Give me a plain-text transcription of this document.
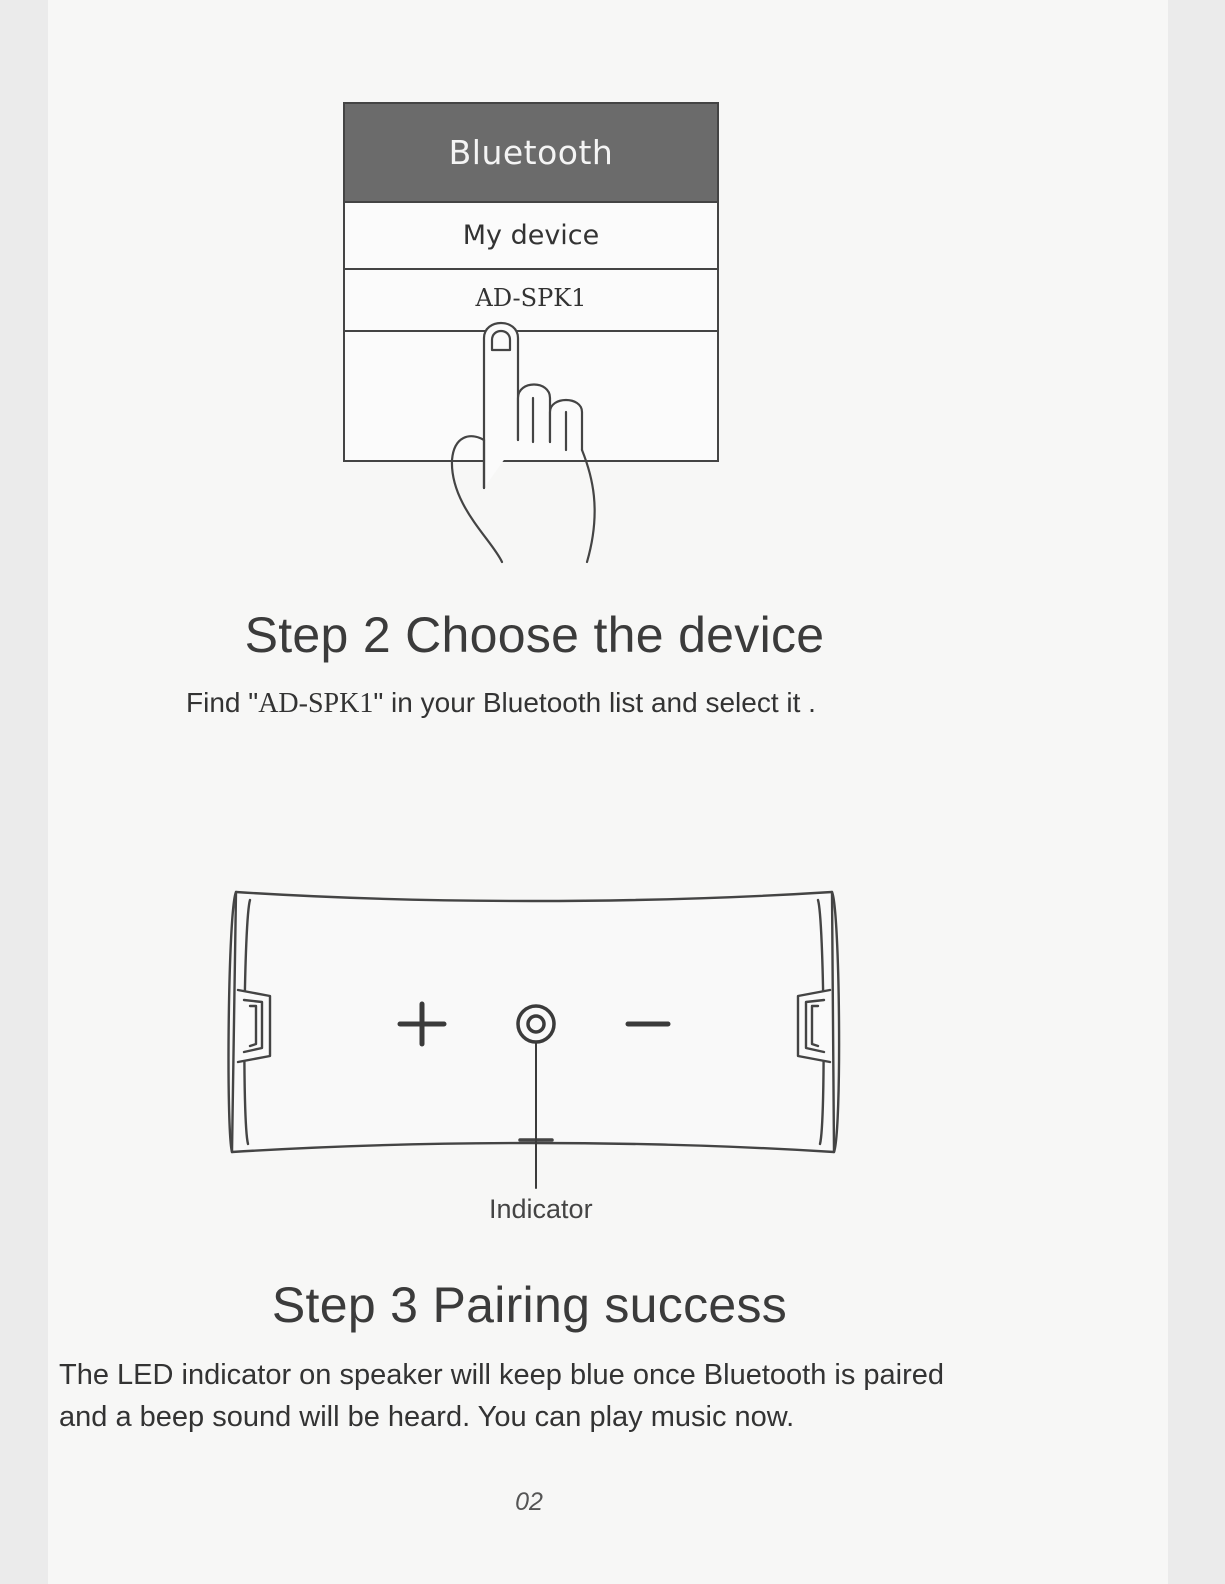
Bluetooth
My device
AD-SPK1
Step 2 Choose the device
Find "AD-SPK1" in your Bluetooth list and select it .
Indicator
Step 3 Pairing success
The LED indicator on speaker will keep blue once Bluetooth is paired
and a beep sound will be heard. You can play music now.
02
